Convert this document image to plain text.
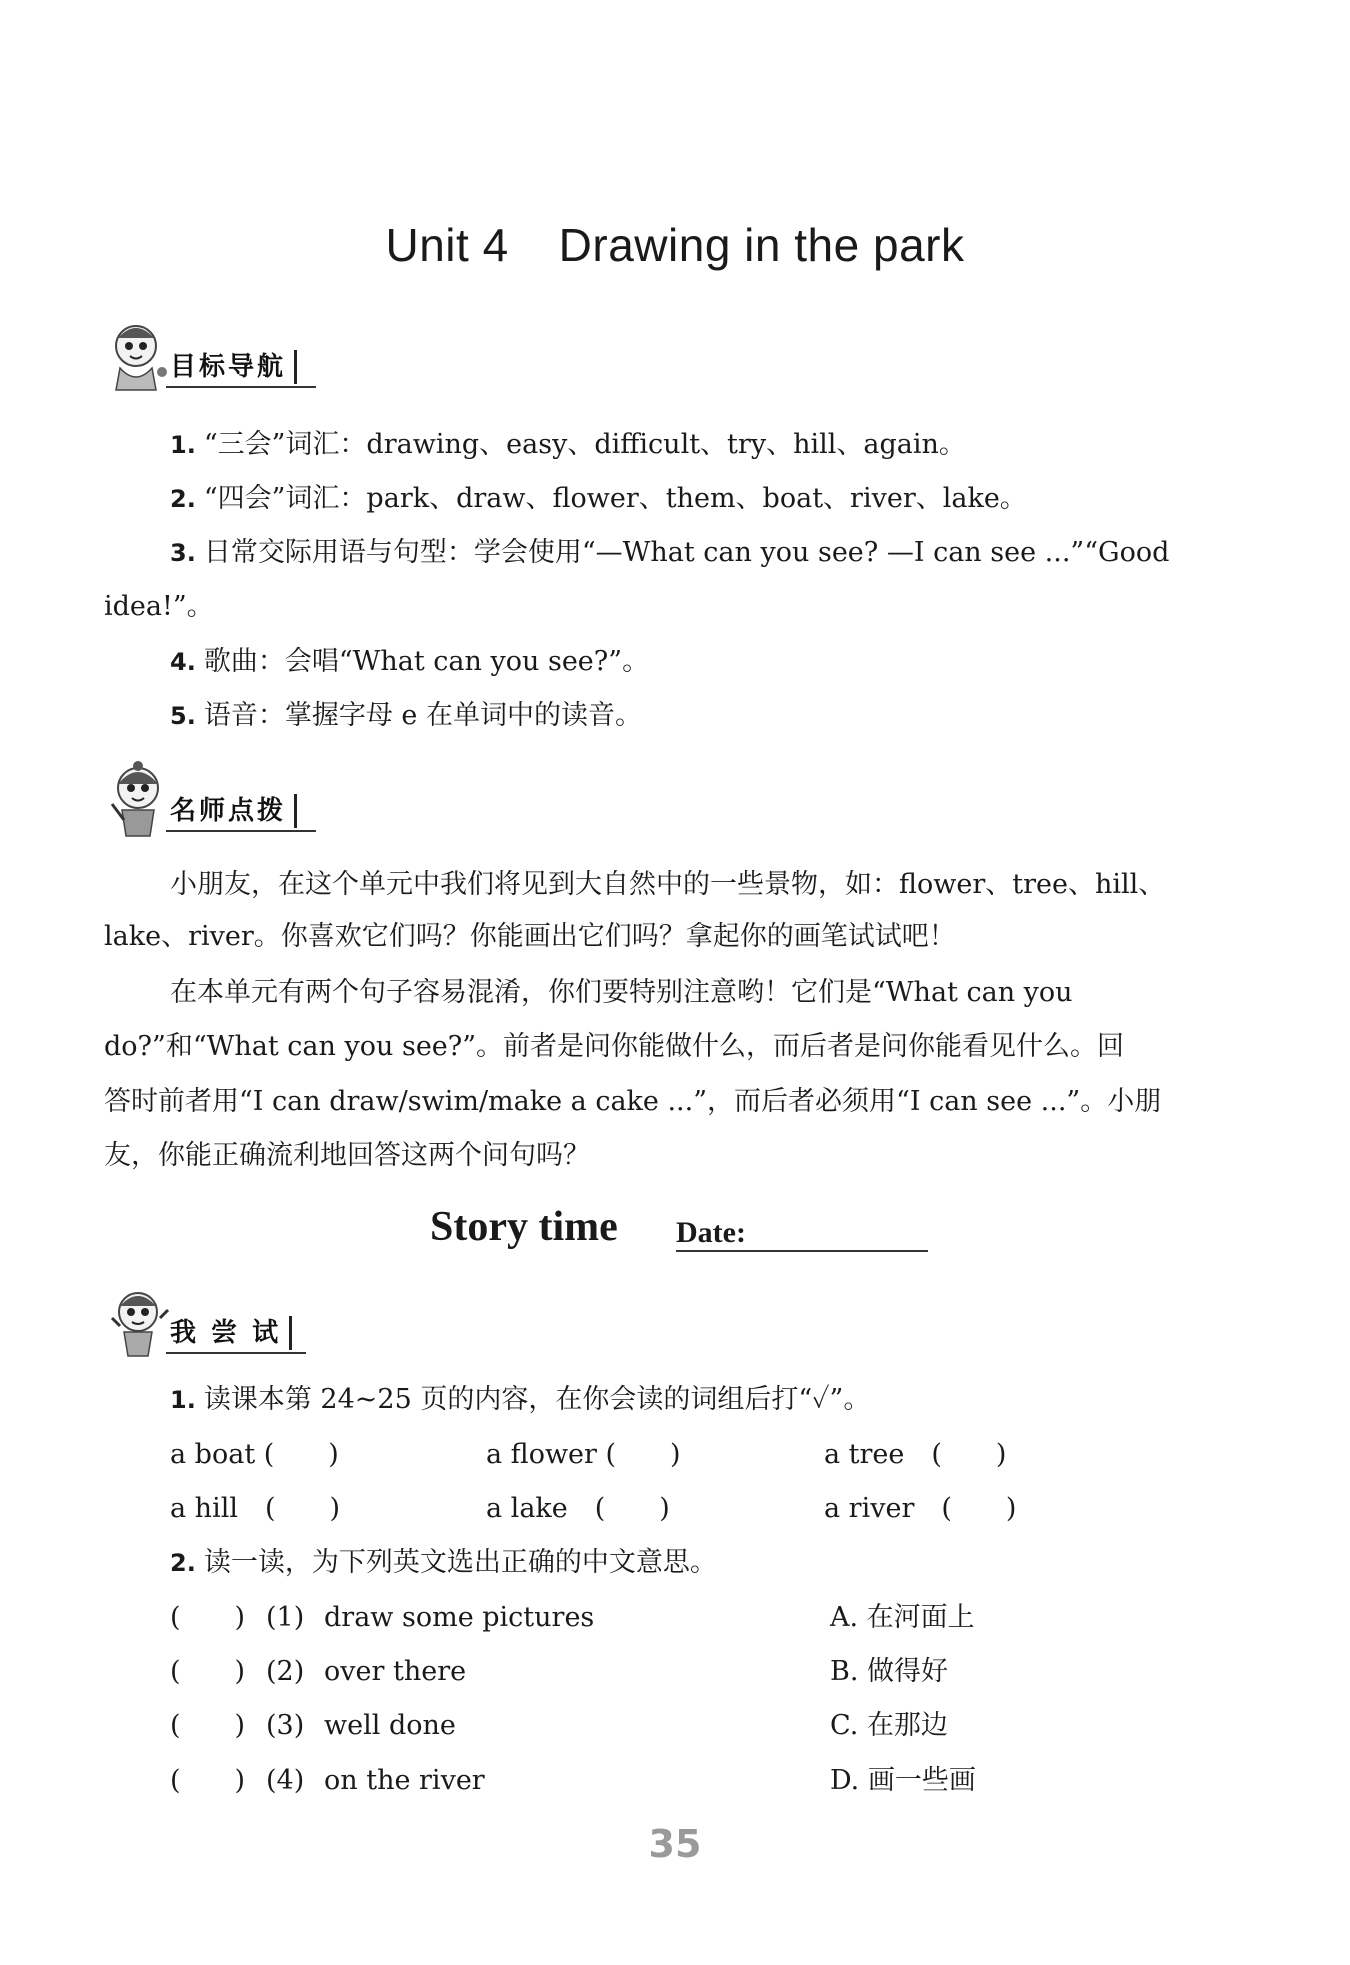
Unit 4 Drawing in the park
目标导航
1. “三会”词汇：drawing、easy、difficult、try、hill、again。
2. “四会”词汇：park、draw、flower、them、boat、river、lake。
3. 日常交际用语与句型：学会使用“—What can you see? —I can see ...”“Good
idea!”。
4. 歌曲：会唱“What can you see?”。
5. 语音：掌握字母 e 在单词中的读音。
名师点拨
小朋友，在这个单元中我们将见到大自然中的一些景物，如：flower、tree、hill、
lake、river。你喜欢它们吗？你能画出它们吗？拿起你的画笔试试吧！
在本单元有两个句子容易混淆，你们要特别注意哟！它们是“What can you
do?”和“What can you see?”。前者是问你能做什么，而后者是问你能看见什么。回
答时前者用“I can draw/swim/make a cake ...”，而后者必须用“I can see ...”。小朋
友，你能正确流利地回答这两个问句吗？
Story time Date:
我 尝 试
1. 读课本第 24~25 页的内容，在你会读的词组后打“✓”。
a boat (　　)	a flower (　　)	a tree　(　　)
a hill　(　　)	a lake　(　　)	a river　(　　)
2. 读一读，为下列英文选出正确的中文意思。
(　　) (1) draw some pictures	A. 在河面上
(　　) (2) over there	B. 做得好
(　　) (3) well done	C. 在那边
(　　) (4) on the river	D. 画一些画
35
